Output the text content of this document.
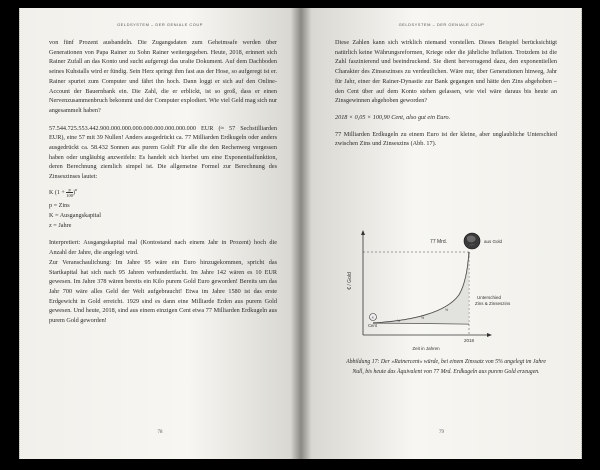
GELDSYSTEM – DER GENIALE COUP

von fünf Prozent ausbandeln. Die Zugangsdaten zum Geheimsafe werden über Generationen von Papa Rainer zu Sohn Rainer weitergegeben. Heute, 2018, erinnert sich Rainer Zufall an das Konto und sucht aufgeregt das uralte Dokument. Auf dem Dachboden seines Kuhstalls wird er fündig. Sein Herz springt ihm fast aus der Hose, so aufgeregt ist er. Rainer spurtet zum Computer und fährt ihn hoch. Dann loggt er sich auf den Online-Account der Bauernbank ein. Die Zahl, die er erblickt, ist so groß, dass er einen Nervenzusammenbruch bekommt und der Computer explodiert. Wie viel Geld mag sich nur angesammelt haben?

57.544.725.553.442.900.000.000.000.000.000.000.000.000 EUR (≈ 57 Sechstilliarden EUR), eine 57 mit 39 Nullen! Anders ausgedrückt ca. 77 Milliarden Erdkugeln oder anders ausgedrückt ca. 58.432 Sonnen aus purem Gold! Für alle die den Rechenweg vergessen haben oder ungläubig anzweifeln: Es handelt sich hierbei um eine Exponentialfunktion, deren Berechnung ziemlich simpel ist. Die allgemeine Formel zur Berechnung des Zinseszinses lautet:

K $(1 + \frac{p}{100} )^n$
p = Zins
K = Ausgangskapital
z = Jahre

Interpretiert: Ausgangskapital mal (Kontostand nach einem Jahr in Prozent) hoch die Anzahl der Jahre, die angelegt wird.

Zur Veranschaulichung: Im Jahre 95 wäre ein Euro hinzugekommen, spricht das Startkapital hat sich nach 95 Jahren verhundertfacht. Im Jahre 142 wären es 10 EUR gewesen. Im Jahre 378 wären bereits ein Kilo purem Gold Euro geworden! Bereits um das Jahr 700 wäre alles Geld der Welt aufgebraucht! Etwa im Jahre 1580 ist das erste Erdgewicht in Gold erreicht. 1929 sind es dann eine Milliarde Erden aus purem Gold gewesen. Und heute, 2018, sind aus einem einzigen Cent etwa 77 Milliarden Erdkugeln aus purem Gold geworden!

78
GELDSYSTEM – DER GENIALE COUP

Diese Zahlen kann sich wirklich niemand vorstellen. Dieses Beispiel berücksichtigt natürlich keine Währungsreformen, Kriege oder die jährliche Inflation. Trotzdem ist die Zahl faszinierend und beeindruckend. Sie dient hervorragend dazu, den exponentiellen Charakter des Zinseszinses zu verdeutlichen. Wäre nur, über Generationen hinweg, Jahr für Jahr, einer der Rainer-Dynastie zur Bank gegangen und hätte den Zins abgehoben – den Cent über auf dem Konto stehen gelassen, wie viel wäre daraus bis heute an Zinsgewinnen abgehoben geworden?

2018 × 0,05 × 100,90 Cent, also gut ein Euro.

77 Milliarden Erdkugeln zu einem Euro ist der kleine, aber unglaubliche Unterschied zwischen Zins und Zinseszins (Abb. 17).

€ / Gold
%
%
%
€
Cent
77 Mrd.	aus Gold
Unterschied
Zins & Zinseszins
2018
Zeit in Jahren
Abbildung 17: Der »Rainercent« würde, bei einem Zinssatz von 5% angelegt im Jahre Null, bis heute das Äquivalent von 77 Mrd. Erdkugeln aus purem Gold erzeugen.
79
